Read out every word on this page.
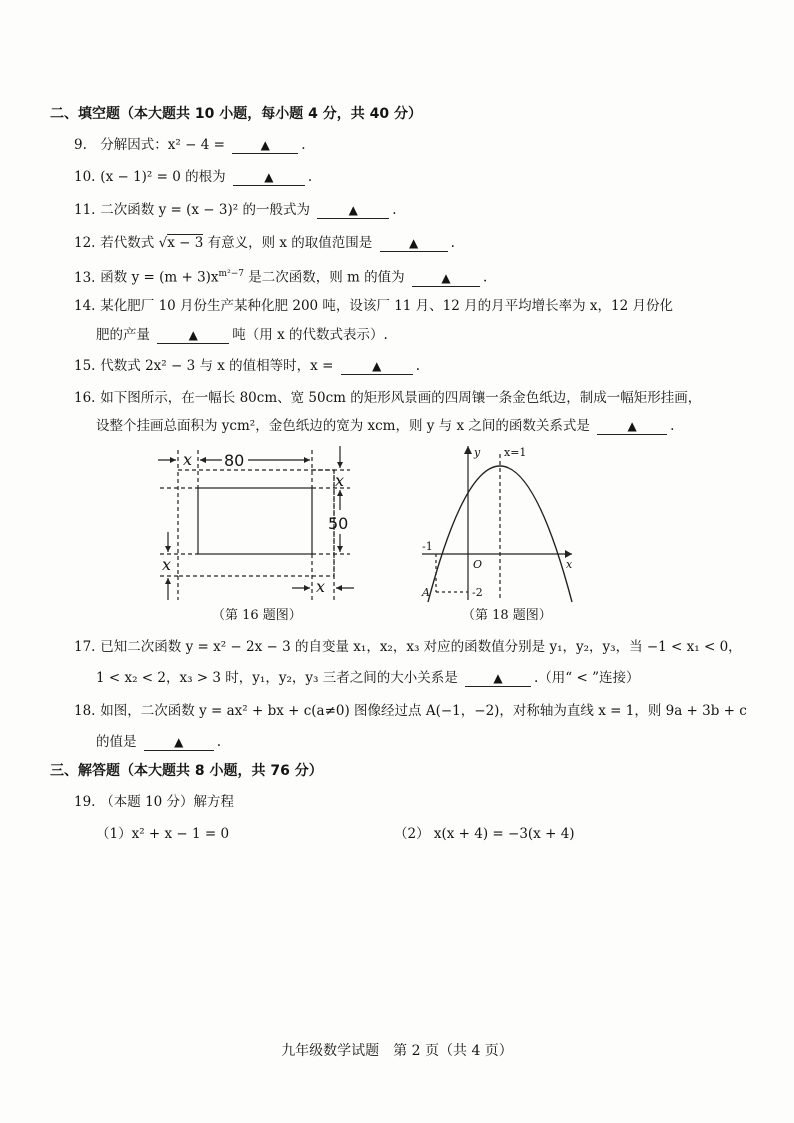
二、填空题（本大题共 10 小题，每小题 4 分，共 40 分）
9. 分解因式：x² − 4 =	▲ .
10. (x − 1)² = 0 的根为	▲	.
11. 二次函数 y = (x − 3)² 的一般式为	▲	.
12. 若代数式 √x − 3 有意义，则 x 的取值范围是	▲ .
13. 函数 $y = (m + 3)x^{m^2-7}$ 是二次函数，则 m 的值为	▲ .
14. 某化肥厂 10 月份生产某种化肥 200 吨，设该厂 11 月、12 月的月平均增长率为 x，12 月份化
肥的产量	▲	吨（用 x 的代数式表示）.
15. 代数式 2x² − 3 与 x 的值相等时，x =	▲	.
16. 如下图所示，在一幅长 80cm、宽 50cm 的矩形风景画的四周镶一条金色纸边，制成一幅矩形挂画，
设整个挂画总面积为 ycm²，金色纸边的宽为 xcm，则 y 与 x 之间的函数关系式是	▲ .
x
x
x
x
80
50
（第 16 题图）
y
x
x=1
O
-1
-2
A
（第 18 题图）
17. 已知二次函数 y = x² − 2x − 3 的自变量 x₁，x₂，x₃ 对应的函数值分别是 y₁，y₂，y₃，当 −1 < x₁ < 0，
1 < x₂ < 2，x₃ > 3 时，y₁，y₂，y₃ 三者之间的大小关系是	▲ .（用“ < ”连接）
18. 如图，二次函数 y = ax² + bx + c(a≠0) 图像经过点 A(−1，−2)，对称轴为直线 x = 1，则 9a + 3b + c
的值是	▲ .
三、解答题（本大题共 8 小题，共 76 分）
19. （本题 10 分）解方程
（1）x² + x − 1 = 0	（2） x(x + 4) = −3(x + 4)
九年级数学试题　第 2 页（共 4 页）
